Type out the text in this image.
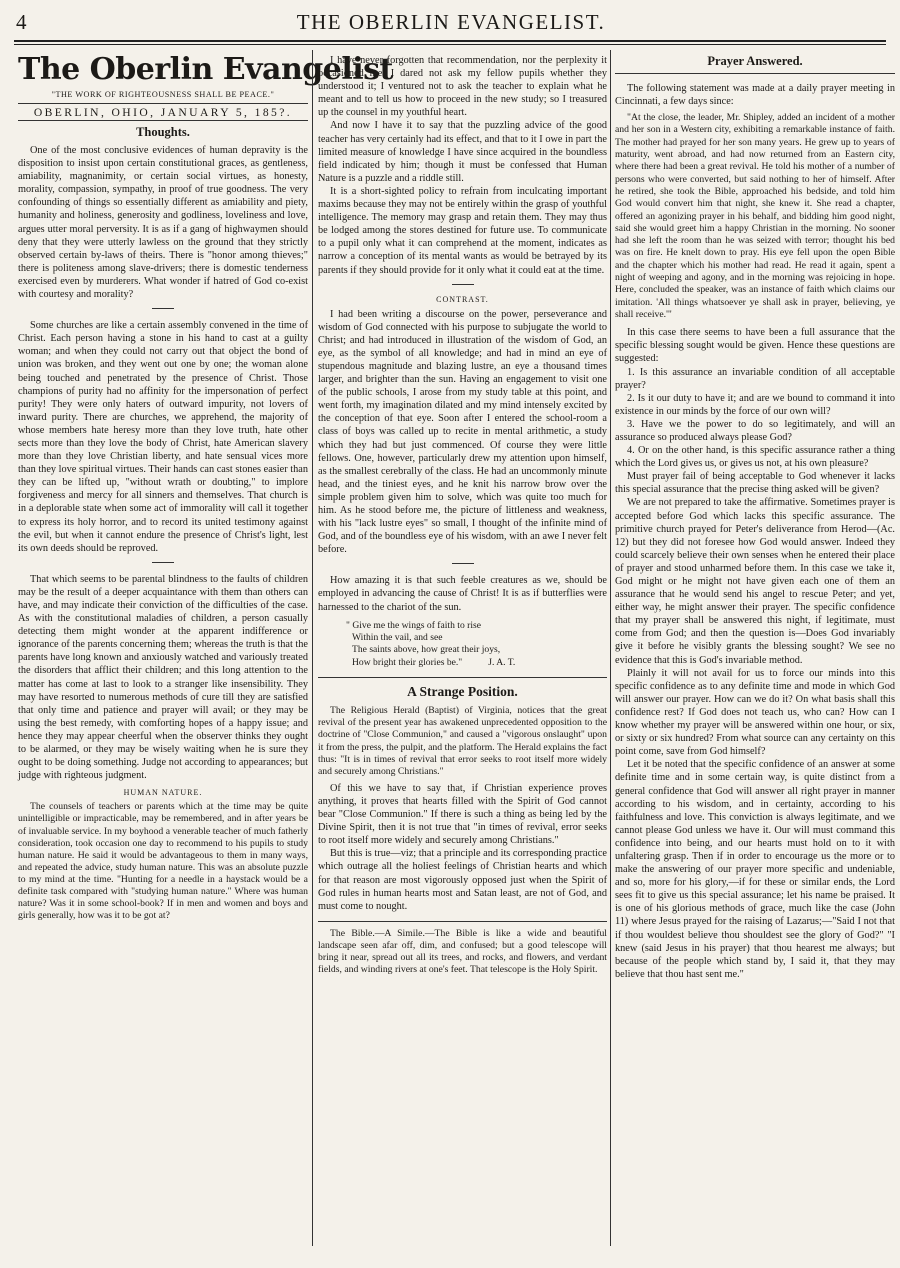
4	THE OBERLIN EVANGELIST.
The Oberlin Evangelist
"THE WORK OF RIGHTEOUSNESS SHALL BE PEACE."
OBERLIN, OHIO, JANUARY 5, 185?.
Thoughts.

One of the most conclusive evidences of human depravity is the disposition to insist upon certain constitutional graces, as gentleness, amiability, magnanimity, or certain social virtues, as honesty, morality, compassion, sympathy, in proof of true goodness. The very confounding of things so essentially different as amiability and piety, humanity and holiness, generosity and godliness, loveliness and love, argues utter moral perversity. It is as if a gang of highwaymen should deny that they were utterly lawless on the ground that they strictly observed certain by-laws of theirs. There is "honor among thieves;" there is politeness among slave-drivers; there is domestic tenderness exercised even by murderers. What wonder if hatred of God co-exist with courtesy and morality?

Some churches are like a certain assembly convened in the time of Christ. Each person having a stone in his hand to cast at a guilty woman; and when they could not carry out that object the bond of union was broken, and they went out one by one; the woman alone being touched and penetrated by the presence of Christ. Those champions of purity had no affinity for the impersonation of perfect purity! They were only haters of outward impurity, not lovers of inward purity. There are churches, we apprehend, the majority of whose members hate heresy more than they love truth, hate other sects more than they love the body of Christ, hate American slavery more than they love Christian liberty, and hate sensual vices more than they love spiritual virtues. Their hands can cast stones easier than they can be lifted up, "without wrath or doubting," to implore forgiveness and mercy for all sinners and themselves. That church is in a deplorable state when some act of immorality will call it together to express its holy horror, and to record its united testimony against the evil, but when it cannot endure the presence of Christ's light, lest its own deeds should be reproved.

That which seems to be parental blindness to the faults of children may be the result of a deeper acquaintance with them than others can have, and may indicate their conviction of the difficulties of the case. As with the constitutional maladies of children, a person casually detecting them might wonder at the apparent indifference or ignorance of the parents concerning them; whereas the truth is that the parents have long known and anxiously watched and variously treated the disorders that afflict their children; and this long attention to the matter has come at last to look to a stranger like insensibility. They may have resorted to numerous methods of cure till they are satisfied that only time and patience and prayer will avail; or they may be using the best remedy, with comforting hopes of a happy issue; and hence they may appear cheerful when the observer thinks they ought to be alarmed, or they may be wisely waiting when he is sure they ought to be doing something. Judge not according to appearances; but judge with righteous judgment.

HUMAN NATURE.

The counsels of teachers or parents which at the time may be quite unintelligible or impracticable, may be remembered, and in after years be of invaluable service. In my boyhood a venerable teacher of much fatherly consideration, took occasion one day to recommend to his pupils to study human nature. He said it would be advantageous to them in many ways, and repeated the advice, study human nature. This was an absolute puzzle to my mind at the time. "Hunting for a needle in a haystack would be a definite task compared with "studying human nature." Where was human nature? Was it in some school-book? If in men and women and boys and girls generally, how was it to be got at?

I have never forgotten that recommendation, nor the perplexity it occasioned me. I dared not ask my fellow pupils whether they understood it; I ventured not to ask the teacher to explain what he meant and to tell us how to proceed in the new study; so I treasured up the counsel in my youthful heart.

And now I have it to say that the puzzling advice of the good teacher has very certainly had its effect, and that to it I owe in part the limited measure of knowledge I have since acquired in the boundless field indicated by him; though it must be confessed that Human Nature is a puzzle and a riddle still.

It is a short-sighted policy to refrain from inculcating important maxims because they may not be entirely within the grasp of youthful intelligence. The memory may grasp and retain them. They may thus be lodged among the stores destined for future use. To communicate to a pupil only what it can comprehend at the moment, indicates as narrow a conception of its mental wants as would be betrayed by its parents if they should provide for it only what it could eat at the time.

CONTRAST.

I had been writing a discourse on the power, perseverance and wisdom of God connected with his purpose to subjugate the world to Christ; and had introduced in illustration of the wisdom of God, an eye, as the symbol of all knowledge; and had in mind an eye of stupendous magnitude and blazing lustre, an eye a thousand times larger, and brighter than the sun. Having an engagement to visit one of the public schools, I arose from my study table at this point, and went forth, my imagination dilated and my mind intensely excited by the conception of that eye. Soon after I entered the school-room a class of boys was called up to recite in mental arithmetic, a study which they had but just commenced. Of course they were little fellows. One, however, particularly drew my attention upon himself, as the smallest cerebrally of the class. He had an uncommonly minute head, and the tiniest eyes, and he knit his narrow brow over the simple problem given him to solve, which was quite too much for him. As he stood before me, the picture of littleness and weakness, with his "lack lustre eyes" so small, I thought of the infinite mind of God, and of the boundless eye of his wisdom, with an awe I never felt before.

How amazing it is that such feeble creatures as we, should be employed in advancing the cause of Christ! It is as if butterflies were harnessed to the chariot of the sun.

" Give me the wings of faith to rise
Within the vail, and see
The saints above, how great their joys,
How bright their glories be."	J. A. T.
A Strange Position.

The Religious Herald (Baptist) of Virginia, notices that the great revival of the present year has awakened unprecedented opposition to the doctrine of "Close Communion," and caused a "vigorous onslaught" upon it from the press, the pulpit, and the platform. The Herald explains the fact thus: "It is in times of revival that error seeks to root itself more widely and securely among Christians."

Of this we have to say that, if Christian experience proves anything, it proves that hearts filled with the Spirit of God cannot bear "Close Communion." If there is such a thing as being led by the Divine Spirit, then it is not true that "in times of revival, error seeks to root itself more widely and securely among Christians."

But this is true—viz; that a principle and its corresponding practice which outrage all the holiest feelings of Christian hearts and which for that reason are most vigorously opposed just when the Spirit of God rules in human hearts most and Satan least, are not of God, and must come to nought.

The Bible.—A Simile.—The Bible is like a wide and beautiful landscape seen afar off, dim, and confused; but a good telescope will bring it near, spread out all its trees, and rocks, and flowers, and verdant fields, and winding rivers at one's feet. That telescope is the Holy Spirit.

Prayer Answered.

The following statement was made at a daily prayer meeting in Cincinnati, a few days since:

"At the close, the leader, Mr. Shipley, added an incident of a mother and her son in a Western city, exhibiting a remarkable instance of faith. The mother had prayed for her son many years. He grew up to years of maturity, went abroad, and had now returned from an Eastern city, where there had been a great revival. He told his mother of a number of persons who were converted, but said nothing to her of himself. After he retired, she took the Bible, approached his bedside, and told him God would convert him that night, she knew it. She read a chapter, offered an agonizing prayer in his behalf, and bidding him good night, said she would greet him a happy Christian in the morning. No sooner had she left the room than he was seized with terror; thought his bed was on fire. He knelt down to pray. His eye fell upon the open Bible and the chapter which his mother had read. He read it again, spent a night of weeping and agony, and in the morning was rejoicing in hope. Here, concluded the speaker, was an instance of faith which claims our imitation. 'All things whatsoever ye shall ask in prayer, believing, ye shall receive.'"

In this case there seems to have been a full assurance that the specific blessing sought would be given. Hence these questions are suggested:

1. Is this assurance an invariable condition of all acceptable prayer?

2. Is it our duty to have it; and are we bound to command it into existence in our minds by the force of our own will?

3. Have we the power to do so legitimately, and will an assurance so produced always please God?

4. Or on the other hand, is this specific assurance rather a thing which the Lord gives us, or gives us not, at his own pleasure?

Must prayer fail of being acceptable to God whenever it lacks this special assurance that the precise thing asked will be given?

We are not prepared to take the affirmative. Sometimes prayer is accepted before God which lacks this specific assurance. The primitive church prayed for Peter's deliverance from Herod—(Ac. 12) but they did not foresee how God would answer. Indeed they could scarcely believe their own senses when he entered their place of prayer and stood unharmed before them. In this case we take it, God might or he might not have given each one of them an assurance that he would send his angel to rescue Peter; and yet, either way, he might answer their prayer. The specific confidence that my prayer shall be answered this night, if legitimate, must come from God; and then the question is—Does God invariably give it before he visibly grants the blessing sought? We see no evidence that this is God's invariable method.

Plainly it will not avail for us to force our minds into this specific confidence as to any definite time and mode in which God will answer our prayer. How can we do it? On what basis shall this confidence rest? If God does not teach us, who can? How can I know whether my prayer will be answered within one hour, or six, or sixty or six hundred? From what source can any certainty on this point come, save from God himself?

Let it be noted that the specific confidence of an answer at some definite time and in some certain way, is quite distinct from a general confidence that God will answer all right prayer in manner according to his wisdom, and in certainty, according to his faithfulness and love. This conviction is always legitimate, and we cannot please God unless we have it. Our will must command this confidence into being, and our hearts must hold on to it with unfaltering grasp. Then if in order to encourage us the more or to make the answering of our prayer more specific and undeniable, and so, more for his glory,—if for these or similar ends, the Lord sees fit to give us this special assurance; let his name be praised. It is one of his glorious methods of grace, much like the case (John 11) where Jesus prayed for the raising of Lazarus;—"Said I not that if thou wouldest believe thou shouldest see the glory of God?" "I knew (said Jesus in his prayer) that thou hearest me always; but because of the people which stand by, I said it, that they may believe that thou hast sent me."
